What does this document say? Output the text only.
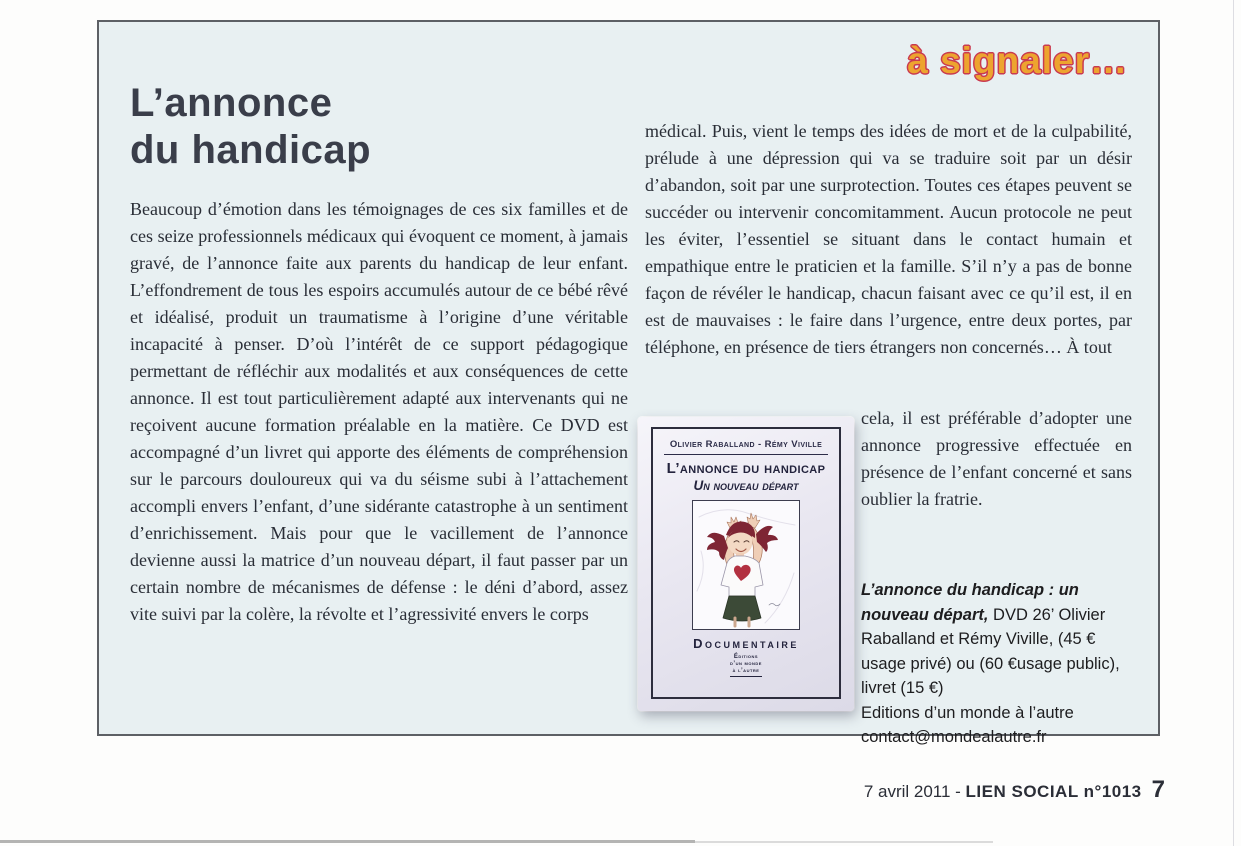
à signaler…
L’annonce
du handicap
Beaucoup d’émotion dans les témoignages de ces six familles et de ces seize professionnels médicaux qui évoquent ce moment, à jamais gravé, de l’annonce faite aux parents du handicap de leur enfant. L’effondrement de tous les espoirs accumulés autour de ce bébé rêvé et idéalisé, produit un traumatisme à l’origine d’une véritable incapacité à penser. D’où l’intérêt de ce support pédagogique permettant de réfléchir aux modalités et aux conséquences de cette annonce. Il est tout particulièrement adapté aux intervenants qui ne reçoivent aucune formation préalable en la matière. Ce DVD est accompagné d’un livret qui apporte des éléments de compréhension sur le parcours douloureux qui va du séisme subi à l’attachement accompli envers l’enfant, d’une sidérante catastrophe à un sentiment d’enrichissement. Mais pour que le vacillement de l’annonce devienne aussi la matrice d’un nouveau départ, il faut passer par un certain nombre de mécanismes de défense : le déni d’abord, assez vite suivi par la colère, la révolte et l’agressivité envers le corps
médical. Puis, vient le temps des idées de mort et de la culpabilité, prélude à une dépression qui va se traduire soit par un désir d’abandon, soit par une surprotection. Toutes ces étapes peuvent se succéder ou intervenir concomitamment. Aucun protocole ne peut les éviter, l’essentiel se situant dans le contact humain et empathique entre le praticien et la famille. S’il n’y a pas de bonne façon de révéler le handicap, chacun faisant avec ce qu’il est, il en est de mauvaises : le faire dans l’urgence, entre deux portes, par téléphone, en présence de tiers étrangers non concernés… À tout
cela, il est préférable d’adopter une annonce progressive effectuée en présence de l’enfant concerné et sans oublier la fratrie.
Olivier Raballand - Rémy Viville
L’annonce du handicap
Un nouveau départ
Documentaire
Éditions
d’un monde
à l’autre
L’annonce du handicap : un nouveau départ, DVD 26’ Olivier Raballand et Rémy Viville, (45 € usage privé) ou (60 €usage public), livret (15 €)
Editions d’un monde à l’autre
contact@mondealautre.fr
7 avril 2011 - LIEN SOCIAL n°1013 7
